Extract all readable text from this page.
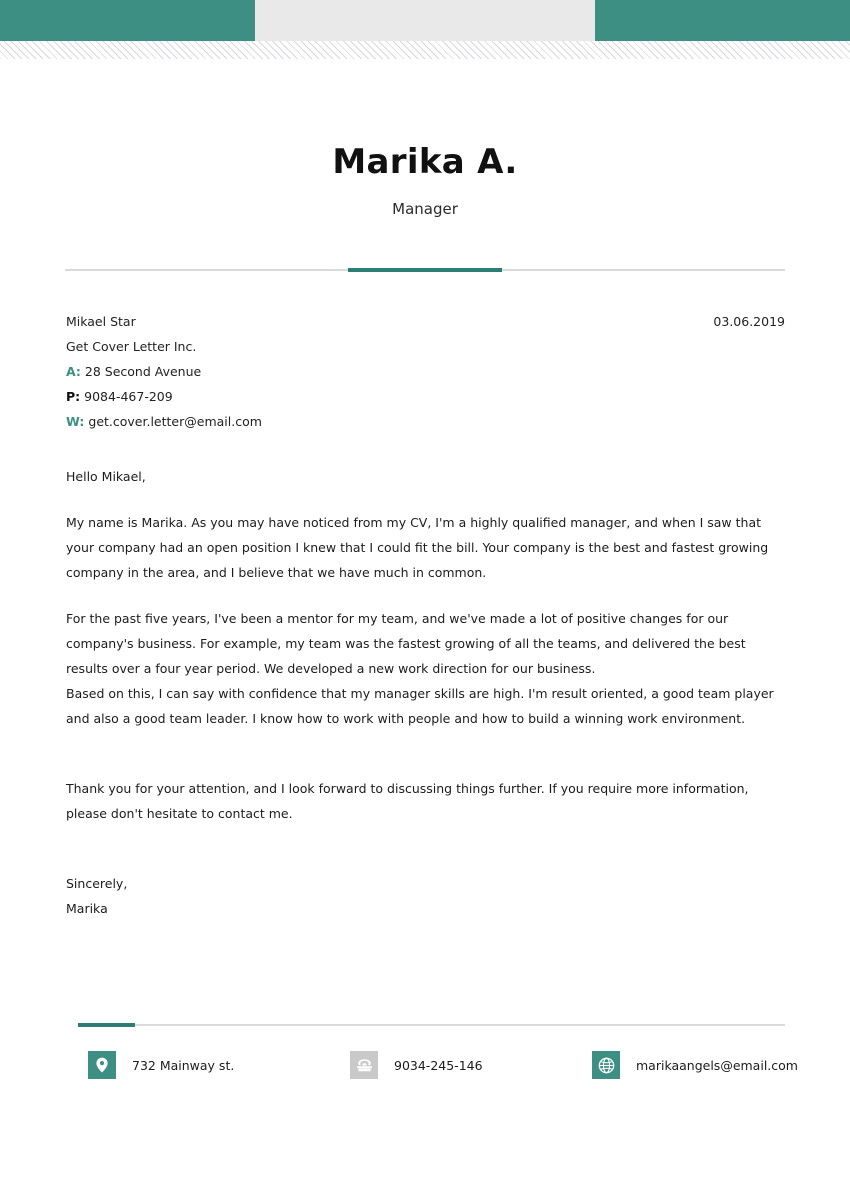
Marika A.
Manager
Mikael Star
Get Cover Letter Inc.
A: 28 Second Avenue
P: 9084-467-209
W: get.cover.letter@email.com
03.06.2019

Hello Mikael,

My name is Marika. As you may have noticed from my CV, I'm a highly qualified manager, and when I saw that your company had an open position I knew that I could fit the bill. Your company is the best and fastest growing company in the area, and I believe that we have much in common.

For the past five years, I've been a mentor for my team, and we've made a lot of positive changes for our company's business. For example, my team was the fastest growing of all the teams, and delivered the best results over a four year period. We developed a new work direction for our business.

Based on this, I can say with confidence that my manager skills are high. I'm result oriented, a good team player and also a good team leader. I know how to work with people and how to build a winning work environment.

Thank you for your attention, and I look forward to discussing things further. If you require more information, please don't hesitate to contact me.

Sincerely,

Marika

732 Mainway st.	9034-245-146	marikaangels@email.com
